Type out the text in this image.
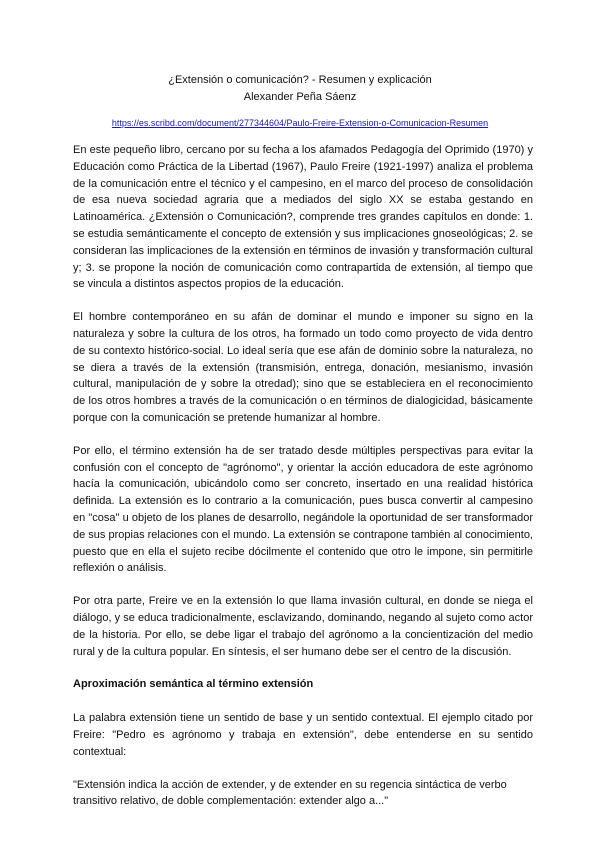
¿Extensión o comunicación? - Resumen y explicación
Alexander Peña Sáenz
https://es.scribd.com/document/277344604/Paulo-Freire-Extension-o-Comunicacion-Resumen

En este pequeño libro, cercano por su fecha a los afamados Pedagogía del Oprimido (1970) y Educación como Práctica de la Libertad (1967), Paulo Freire (1921-1997) analiza el problema de la comunicación entre el técnico y el campesino, en el marco del proceso de consolidación de esa nueva sociedad agraria que a mediados del siglo XX se estaba gestando en Latinoamérica. ¿Extensión o Comunicación?, comprende tres grandes capítulos en donde: 1. se estudia semánticamente el concepto de extensión y sus implicaciones gnoseológicas; 2. se consideran las implicaciones de la extensión en términos de invasión y transformación cultural y; 3. se propone la noción de comunicación como contrapartida de extensión, al tiempo que se vincula a distintos aspectos propios de la educación.

El hombre contemporáneo en su afán de dominar el mundo e imponer su signo en la naturaleza y sobre la cultura de los otros, ha formado un todo como proyecto de vida dentro de su contexto histórico-social. Lo ideal sería que ese afán de dominio sobre la naturaleza, no se diera a través de la extensión (transmisión, entrega, donación, mesianismo, invasión cultural, manipulación de y sobre la otredad); sino que se estableciera en el reconocimiento de los otros hombres a través de la comunicación o en términos de dialogicidad, básicamente porque con la comunicación se pretende humanizar al hombre.

Por ello, el término extensión ha de ser tratado desde múltiples perspectivas para evitar la confusión con el concepto de "agrónomo", y orientar la acción educadora de este agrónomo hacía la comunicación, ubicándolo como ser concreto, insertado en una realidad histórica definida. La extensión es lo contrario a la comunicación, pues busca convertir al campesino en "cosa" u objeto de los planes de desarrollo, negándole la oportunidad de ser transformador de sus propias relaciones con el mundo. La extensión se contrapone también al conocimiento, puesto que en ella el sujeto recibe dócilmente el contenido que otro le impone, sin permitirle reflexión o análisis.

Por otra parte, Freire ve en la extensión lo que llama invasión cultural, en donde se niega el diálogo, y se educa tradicionalmente, esclavizando, dominando, negando al sujeto como actor de la historia. Por ello, se debe ligar el trabajo del agrónomo a la concientización del medio rural y de la cultura popular. En síntesis, el ser humano debe ser el centro de la discusión.

Aproximación semántica al término extensión

La palabra extensión tiene un sentido de base y un sentido contextual. El ejemplo citado por Freire: "Pedro es agrónomo y trabaja en extensión", debe entenderse en su sentido contextual:

"Extensión indica la acción de extender, y de extender en su regencia sintáctica de verbo transitivo relativo, de doble complementación: extender algo a..."
